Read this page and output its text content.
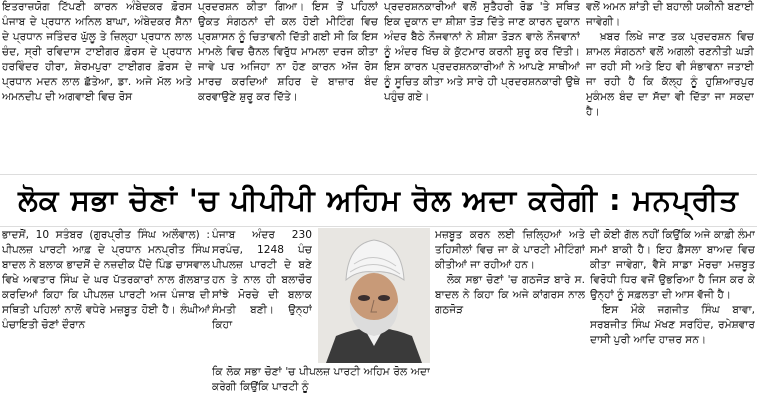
ਇਤਰਾਜ਼ਯੋਗ ਟਿੱਪਣੀ ਕਾਰਨ ਅੰਬੇਦਕਰ ਫ਼ੋਰਸ ਪੰਜਾਬ ਦੇ ਪ੍ਰਧਾਨ ਅਨਿਲ ਬਾਘਾ, ਅੰਬੇਦਕਰ ਸੈਨਾ ਦੇ ਪ੍ਰਧਾਨ ਜਤਿੰਦਰ ਘੁੱਲੂ ਤੇ ਜ਼ਿਲ੍ਹਾ ਪ੍ਰਧਾਨ ਲਾਲ ਚੰਦ, ਸ੍ਰੀ ਰਵਿਦਾਸ ਟਾਈਗਰ ਫ਼ੋਰਸ ਦੇ ਪ੍ਰਧਾਨ ਹਰਵਿੰਦਰ ਹੀਰਾ, ਸ਼ੇਰਮਪੁਰਾ ਟਾਈਗਰ ਫ਼ੋਰਸ ਦੇ ਪ੍ਰਧਾਨ ਮਦਨ ਲਾਲ ਛੱਤੇਆ, ਡਾ. ਅਜੇ ਮੱਲ ਅਤੇ ਅਮਨਦੀਪ ਦੀ ਅਗਵਾਈ ਵਿਚ ਰੋਸ
ਪ੍ਰਦਰਸ਼ਨ ਕੀਤਾ ਗਿਆ। ਇਸ ਤੋਂ ਪਹਿਲਾਂ ਉਕਤ ਸੰਗਠਨਾਂ ਦੀ ਕਲ ਹੋਈ ਮੀਟਿੰਗ ਵਿਚ ਪ੍ਰਸ਼ਾਸਨ ਨੂੰ ਚਿਤਾਵਨੀ ਦਿੱਤੀ ਗਈ ਸੀ ਕਿ ਇਸ ਮਾਮਲੇ ਵਿਚ ਚੈਨਲ ਵਿਰੁੱਧ ਮਾਮਲਾ ਦਰਜ ਕੀਤਾ ਜਾਵੇ ਪਰ ਅਜਿਹਾ ਨਾ ਹੋਣ ਕਾਰਨ ਅੱਜ ਰੋਸ ਮਾਰਚ ਕਰਦਿਆਂ ਸ਼ਹਿਰ ਦੇ ਬਾਜ਼ਾਰ ਬੰਦ ਕਰਵਾਉਣੇ ਸ਼ੁਰੂ ਕਰ ਦਿੱਤੇ।
ਪ੍ਰਦਰਸ਼ਨਕਾਰੀਆਂ ਵਲੋਂ ਸੁਤੈਹਰੀ ਰੋਡ 'ਤੇ ਸਥਿਤ ਇਕ ਦੁਕਾਨ ਦਾ ਸ਼ੀਸ਼ਾ ਤੋੜ ਦਿੱਤੇ ਜਾਣ ਕਾਰਨ ਦੁਕਾਨ ਅੰਦਰ ਬੈਠੇ ਨੌਜਵਾਨਾਂ ਨੇ ਸ਼ੀਸ਼ਾ ਤੋੜਨ ਵਾਲੇ ਨੌਜਵਾਨਾਂ ਨੂੰ ਅੰਦਰ ਖਿੱਚ ਕੇ ਕੁੱਟਮਾਰ ਕਰਨੀ ਸ਼ੁਰੂ ਕਰ ਦਿੱਤੀ। ਇਸ ਕਾਰਨ ਪ੍ਰਦਰਸ਼ਨਕਾਰੀਆਂ ਨੇ ਆਪਣੇ ਸਾਥੀਆਂ ਨੂੰ ਸੂਚਿਤ ਕੀਤਾ ਅਤੇ ਸਾਰੇ ਹੀ ਪ੍ਰਦਰਸ਼ਨਕਾਰੀ ਉਥੇ ਪਹੁੰਚ ਗਏ।
ਵਲੋਂ ਅਮਨ ਸ਼ਾਂਤੀ ਦੀ ਬਹਾਲੀ ਯਕੀਨੀ ਬਣਾਈ ਜਾਵੇਗੀ।

ਖ਼ਬਰ ਲਿਖੇ ਜਾਣ ਤਕ ਪ੍ਰਦਰਸ਼ਨ ਵਿਚ ਸ਼ਾਮਲ ਸੰਗਠਨਾਂ ਵਲੋਂ ਅਗਲੀ ਰਣਨੀਤੀ ਘੜੀ ਜਾ ਰਹੀ ਸੀ ਅਤੇ ਇਹ ਵੀ ਸੰਭਾਵਨਾ ਜਤਾਈ ਜਾ ਰਹੀ ਹੈ ਕਿ ਕੱਲ੍ਹ ਨੂੰ ਹੁਸ਼ਿਆਰਪੁਰ ਮੁਕੰਮਲ ਬੰਦ ਦਾ ਸੱਦਾ ਵੀ ਦਿੱਤਾ ਜਾ ਸਕਦਾ ਹੈ।

ਲੋਕ ਸਭਾ ਚੋਣਾਂ 'ਚ ਪੀਪੀਪੀ ਅਹਿਮ ਰੋਲ ਅਦਾ ਕਰੇਗੀ : ਮਨਪ੍ਰੀਤ

ਭਾਦਸੋਂ, 10 ਸਤੰਬਰ (ਗੁਰਪ੍ਰੀਤ ਸਿੰਘ ਅਲੌਵਾਲ) : ਪੀਪਲਜ਼ ਪਾਰਟੀ ਆਫ਼ ਦੇ ਪ੍ਰਧਾਨ ਮਨਪ੍ਰੀਤ ਸਿੰਘ ਬਾਦਲ ਨੇ ਬਲਾਕ ਭਾਦਸੋਂ ਦੇ ਨਜ਼ਦੀਕ ਪੈਂਦੇ ਪਿੰਡ ਚਾਸਵਾਲ ਵਿਖੇ ਅਵਤਾਰ ਸਿੰਘ ਦੇ ਘਰ ਪੱਤਰਕਾਰਾਂ ਨਾਲ ਗੱਲਬਾਤ ਕਰਦਿਆਂ ਕਿਹਾ ਕਿ ਪੀਪਲਜ਼ ਪਾਰਟੀ ਅਜ ਪੰਜਾਬ ਦੀ ਸਥਿਤੀ ਪਹਿਲਾਂ ਨਾਲੋਂ ਵਧੇਰੇ ਮਜ਼ਬੂਤ ਹੋਈ ਹੈ। ਲੰਘੀਆਂ ਪੰਚਾਇਤੀ ਚੋਣਾਂ ਦੌਰਾਨ

ਪੰਜਾਬ ਅੰਦਰ 230 ਸਰਪੰਚ, 1248 ਪੰਚ ਪੀਪਲਜ਼ ਪਾਰਟੀ ਦੇ ਬਣੇ ਹਨ ਤੇ ਨਾਲ ਹੀ ਬਲਾਚੌਰ ਸਾਂਝੇ ਮੋਰਚੇ ਦੀ ਬਲਾਕ ਸੰਮਤੀ ਬਣੀ। ਉਨ੍ਹਾਂ ਕਿਹਾ

ਕਿ ਲੋਕ ਸਭਾ ਚੋਣਾਂ 'ਚ ਪੀਪਲਜ਼ ਪਾਰਟੀ ਅਹਿਮ ਰੋਲ ਅਦਾ ਕਰੇਗੀ ਕਿਉਂਕਿ ਪਾਰਟੀ ਨੂੰ

ਮਜ਼ਬੂਤ ਕਰਨ ਲਈ ਜ਼ਿਲ੍ਹਿਆਂ ਅਤੇ ਤਹਿਸੀਲਾਂ ਵਿਚ ਜਾ ਕੇ ਪਾਰਟੀ ਮੀਟਿੰਗਾਂ ਕੀਤੀਆਂ ਜਾ ਰਹੀਆਂ ਹਨ।

ਲੋਕ ਸਭਾ ਚੋਣਾਂ 'ਚ ਗਠਜੋੜ ਬਾਰੇ ਸ. ਬਾਦਲ ਨੇ ਕਿਹਾ ਕਿ ਅਜੇ ਕਾਂਗਰਸ ਨਾਲ ਗਠਜੋੜ

ਦੀ ਕੋਈ ਗੱਲ ਨਹੀਂ ਕਿਉਂਕਿ ਅਜੇ ਕਾਫ਼ੀ ਲੰਮਾ ਸਮਾਂ ਬਾਕੀ ਹੈ। ਇਹ ਫ਼ੈਸਲਾ ਬਾਅਦ ਵਿਚ ਕੀਤਾ ਜਾਵੇਗਾ, ਵੈਸੇ ਸਾਡਾ ਮੋਰਚਾ ਮਜ਼ਬੂਤ ਵਿਰੋਧੀ ਧਿਰ ਵਜੋਂ ਉਭਰਿਆ ਹੈ ਜਿਸ ਕਰ ਕੇ ਉਨ੍ਹਾਂ ਨੂੰ ਸਫ਼ਲਤਾ ਦੀ ਆਸ ਵੱਜੀ ਹੈ।

ਇਸ ਮੌਕੇ ਜਗਜੀਤ ਸਿੰਘ ਬਾਵਾ, ਸਰਬਜੀਤ ਸਿੰਘ ਮੱਖਣ ਸਰਹਿੰਦ, ਰਮੇਸ਼ਵਾਰ ਦਾਸੀ ਪੁਰੀ ਆਦਿ ਹਾਜ਼ਰ ਸਨ।
